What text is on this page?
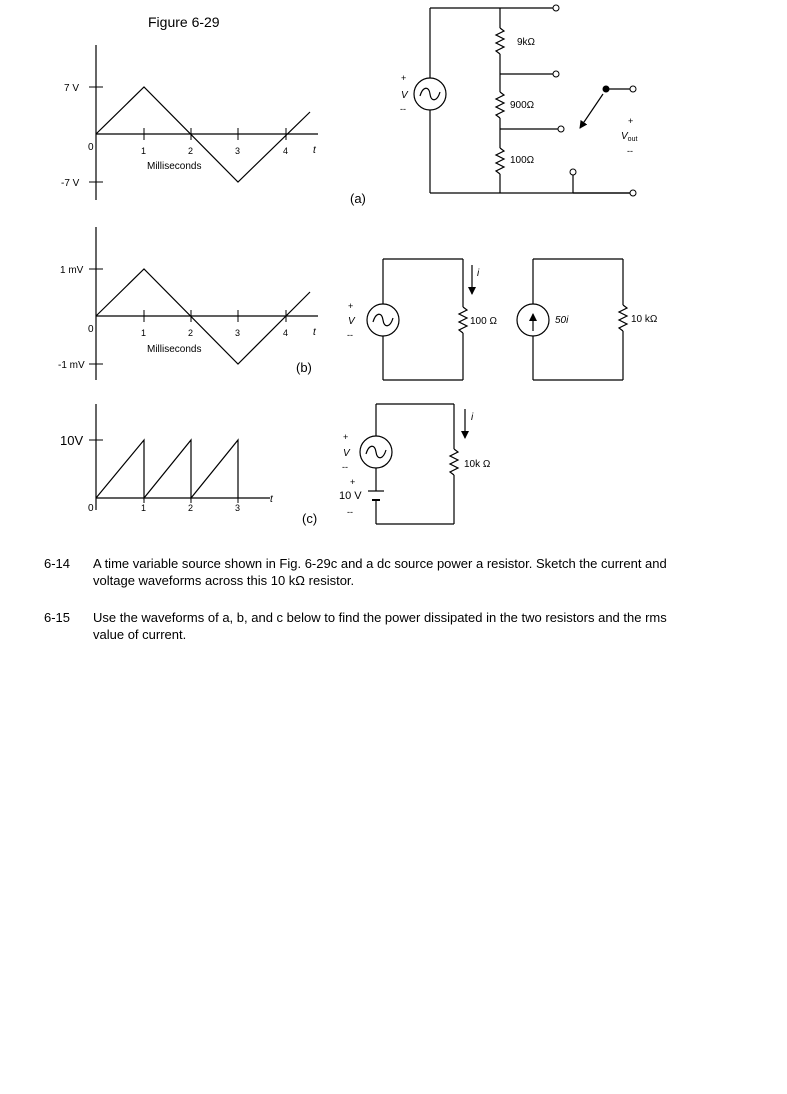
Figure 6-29
7 V
-7 V
0	1	2	3	4 t
Milliseconds
+
V
--
9kΩ
900Ω
100Ω
+
$V_{out}$
--
(a)
1 mV
-1 mV
0	1	2	3	4 t
Milliseconds
(b)
+
V
--
i
100 Ω	50i	10 kΩ
10V
0	1	2	3
t
(c)
+
V
--
+
10 V
--
i
10k Ω
6-14 A time variable source shown in Fig. 6-29c and a dc source power a resistor. Sketch the current and voltage waveforms across this 10 kΩ resistor.
6-15 Use the waveforms of a, b, and c below to find the power dissipated in the two resistors and the rms value of current.
